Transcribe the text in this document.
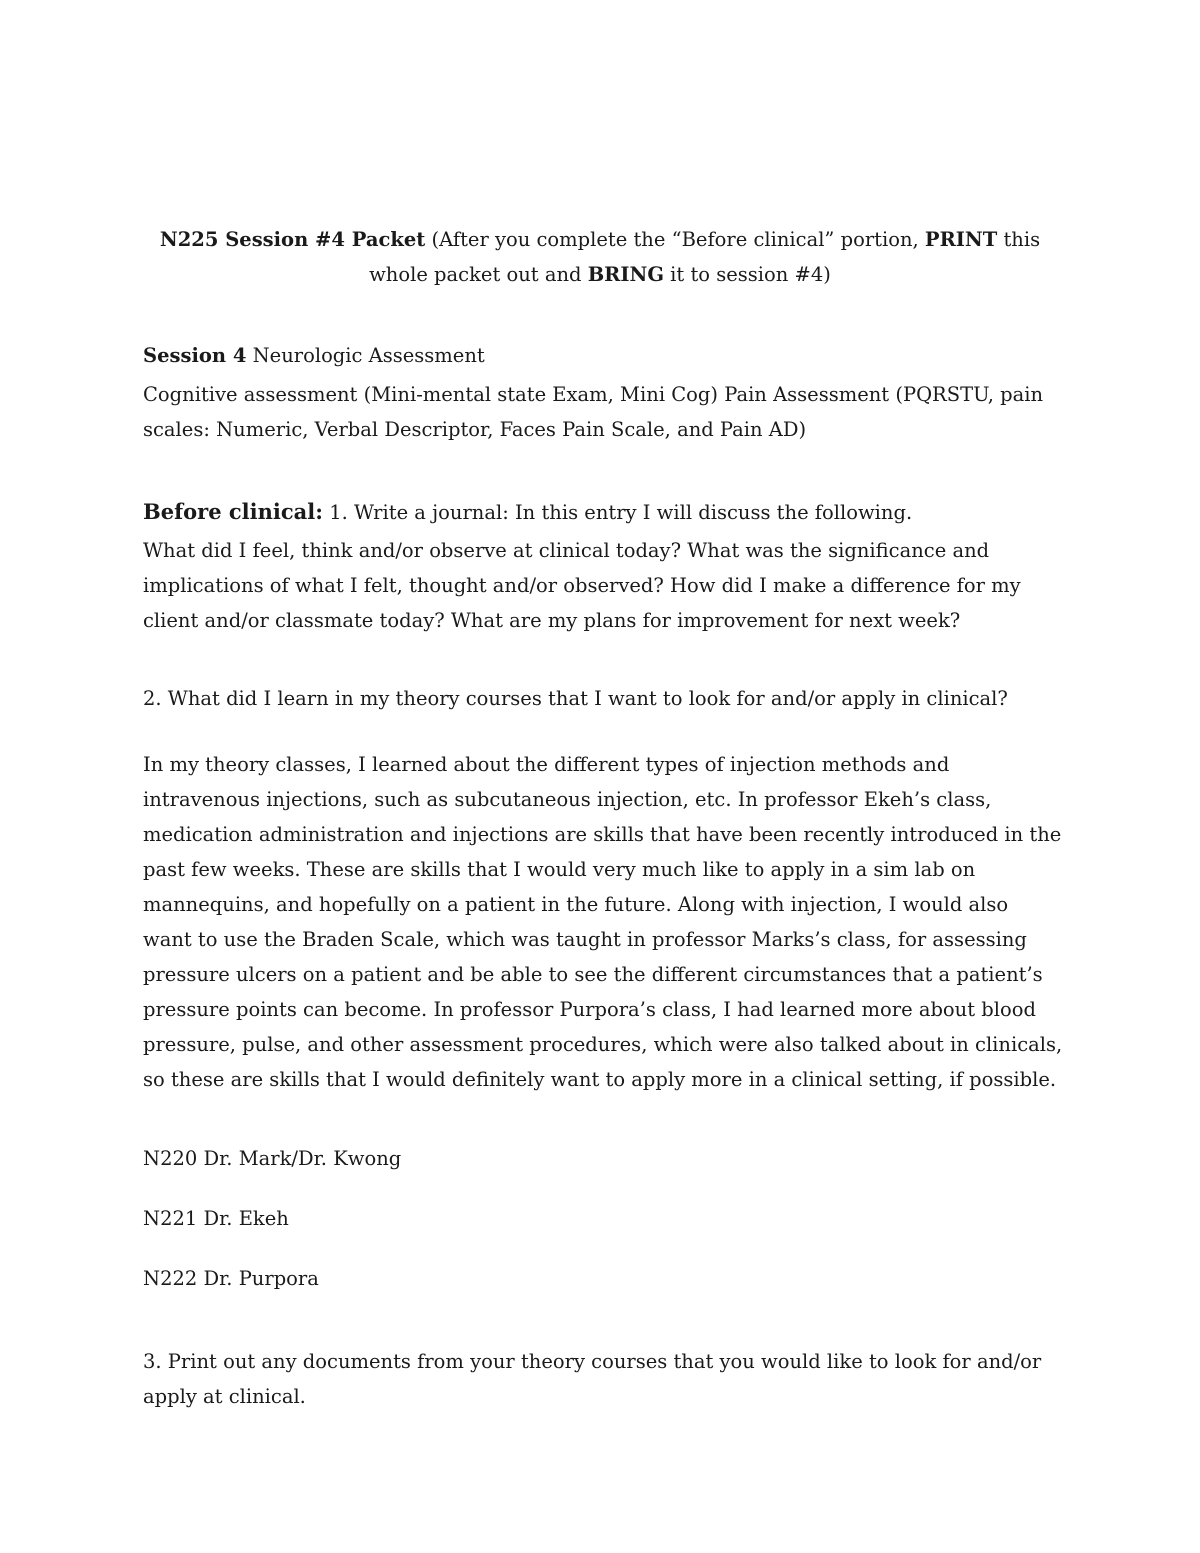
N225 Session #4 Packet (After you complete the “Before clinical” portion, PRINT this whole packet out and BRING it to session #4)

Session 4 Neurologic Assessment

Cognitive assessment (Mini-mental state Exam, Mini Cog) Pain Assessment (PQRSTU, pain scales: Numeric, Verbal Descriptor, Faces Pain Scale, and Pain AD)

Before clinical: 1. Write a journal: In this entry I will discuss the following.

What did I feel, think and/or observe at clinical today? What was the significance and implications of what I felt, thought and/or observed? How did I make a difference for my client and/or classmate today? What are my plans for improvement for next week?

2. What did I learn in my theory courses that I want to look for and/or apply in clinical?

In my theory classes, I learned about the different types of injection methods and intravenous injections, such as subcutaneous injection, etc. In professor Ekeh’s class, medication administration and injections are skills that have been recently introduced in the past few weeks. These are skills that I would very much like to apply in a sim lab on mannequins, and hopefully on a patient in the future. Along with injection, I would also want to use the Braden Scale, which was taught in professor Marks’s class, for assessing pressure ulcers on a patient and be able to see the different circumstances that a patient’s pressure points can become. In professor Purpora’s class, I had learned more about blood pressure, pulse, and other assessment procedures, which were also talked about in clinicals, so these are skills that I would definitely want to apply more in a clinical setting, if possible.

N220 Dr. Mark/Dr. Kwong

N221 Dr. Ekeh

N222 Dr. Purpora

3. Print out any documents from your theory courses that you would like to look for and/or apply at clinical.
